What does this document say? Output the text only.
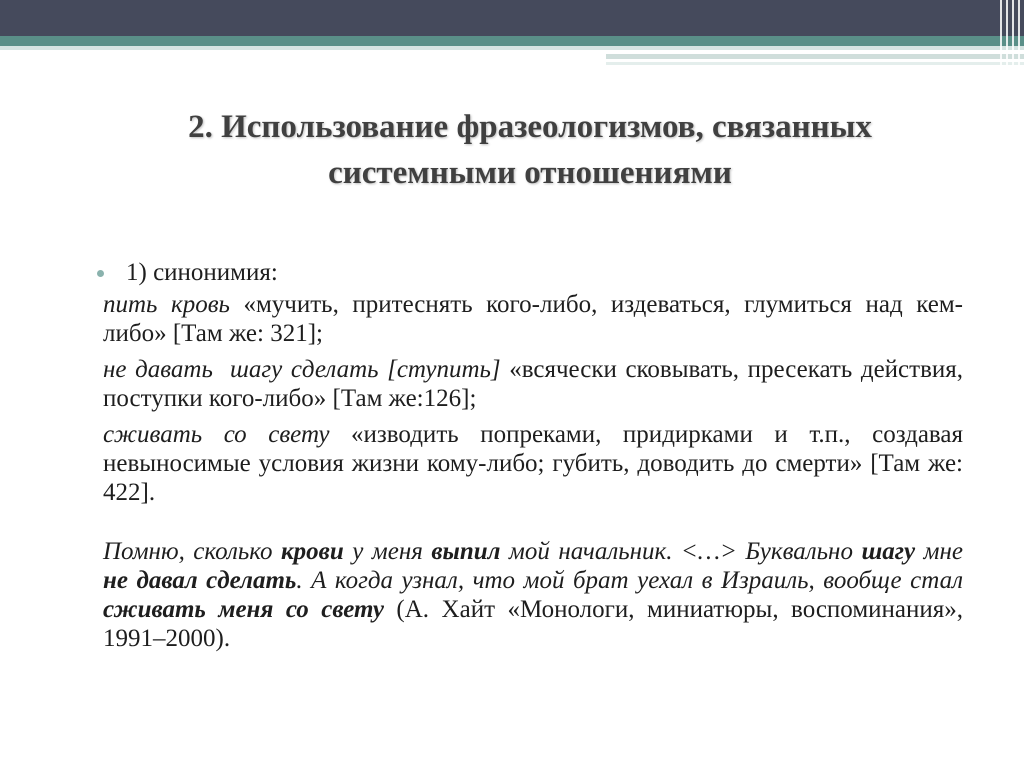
2. Использование фразеологизмов, связанных
системными отношениями
1) синонимия:
пить кровь «мучить, притеснять кого-либо, издеваться, глумиться над кем-либо» [Там же: 321];
не давать  шагу сделать [ступить] «всячески сковывать, пресекать действия, поступки кого-либо» [Там же:126];
сживать со свету «изводить попреками, придирками и т.п., создавая невыносимые условия жизни кому-либо; губить, доводить до смерти» [Там же: 422].
Помню, сколько крови у меня выпил мой начальник. <…> Буквально шагу мне не давал сделать. А когда узнал, что мой брат уехал в Израиль, вообще стал сживать меня со свету (А. Хайт «Монологи, миниатюры, воспоминания», 1991–2000).
